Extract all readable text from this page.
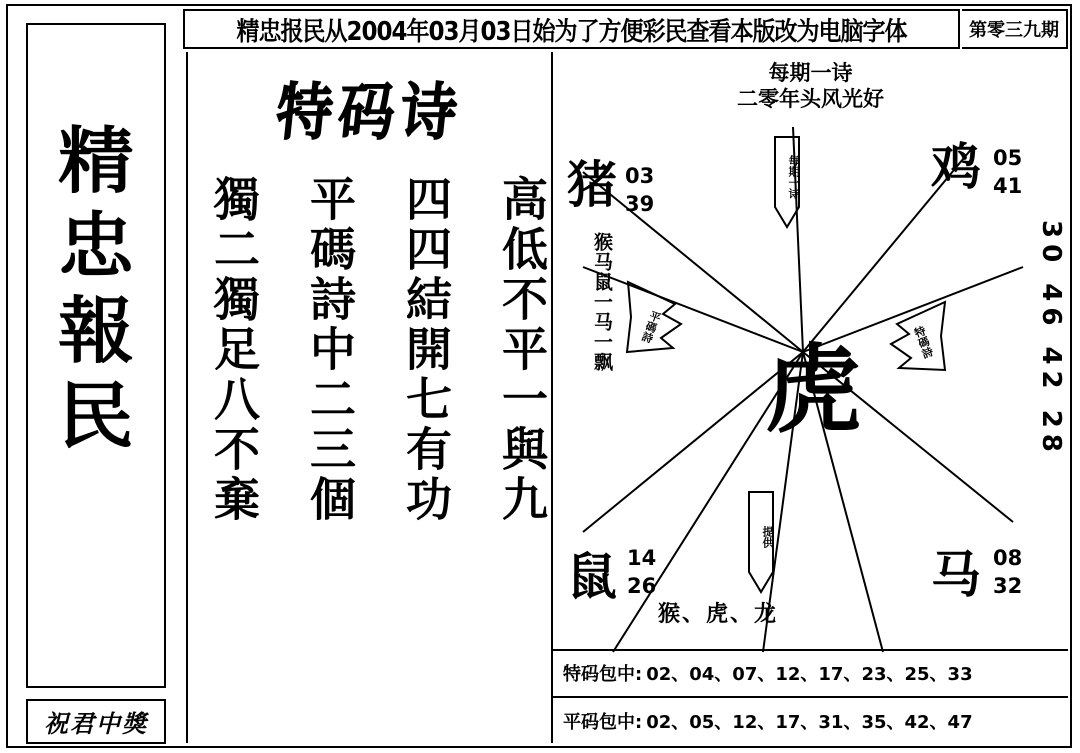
精忠报民从2004年03月03日始为了方便彩民查看本版改为电脑字体	第零三九期
精
忠
報
民
祝君中獎
特码诗
獨二獨足八不棄 平碼詩中二三個 四四結開七有功 高低不平一與九
每期一诗
二零年头风光好
每期一诗
平碼詩	特碼詩
提供
猪 03
39
鸡 05
41
鼠 14
26	马 08
32
虎
猴马鼠一马一飘
猴、虎、龙
30 46 42 28
特码包中: 02、04、07、12、17、23、25、33
平码包中: 02、05、12、17、31、35、42、47
